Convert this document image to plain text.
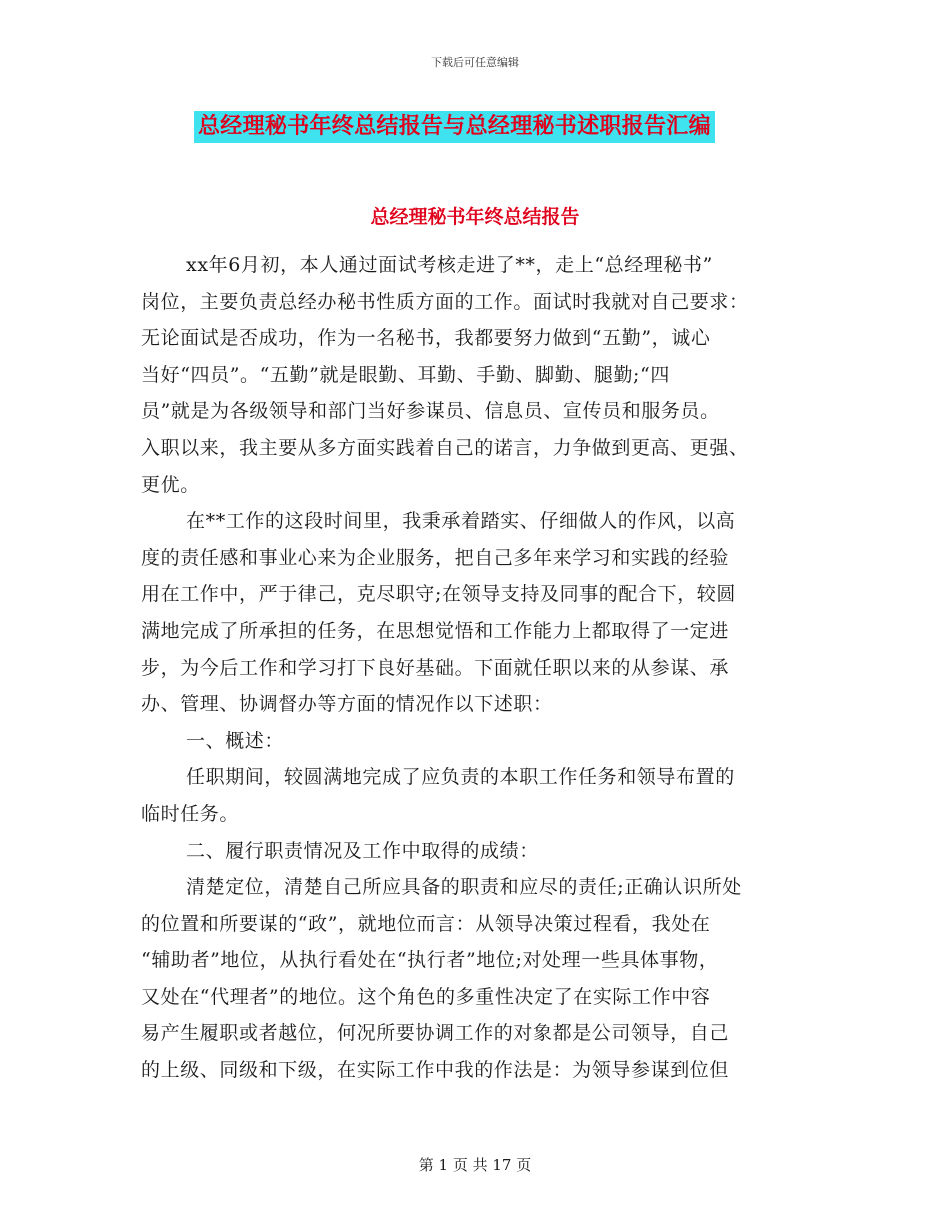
下载后可任意编辑
总经理秘书年终总结报告与总经理秘书述职报告汇编
总经理秘书年终总结报告
xx年6月初，本人通过面试考核走进了**，走上“总经理秘书”
岗位，主要负责总经办秘书性质方面的工作。面试时我就对自己要求：
无论面试是否成功，作为一名秘书，我都要努力做到“五勤”，诚心
当好“四员”。“五勤”就是眼勤、耳勤、手勤、脚勤、腿勤;“四
员”就是为各级领导和部门当好参谋员、信息员、宣传员和服务员。
入职以来，我主要从多方面实践着自己的诺言，力争做到更高、更强、
更优。
在**工作的这段时间里，我秉承着踏实、仔细做人的作风，以高
度的责任感和事业心来为企业服务，把自己多年来学习和实践的经验
用在工作中，严于律己，克尽职守;在领导支持及同事的配合下，较圆
满地完成了所承担的任务，在思想觉悟和工作能力上都取得了一定进
步，为今后工作和学习打下良好基础。下面就任职以来的从参谋、承
办、管理、协调督办等方面的情况作以下述职：
一、概述：
任职期间，较圆满地完成了应负责的本职工作任务和领导布置的
临时任务。
二、履行职责情况及工作中取得的成绩：
清楚定位，清楚自己所应具备的职责和应尽的责任;正确认识所处
的位置和所要谋的“政”，就地位而言：从领导决策过程看，我处在
“辅助者”地位，从执行看处在“执行者”地位;对处理一些具体事物，
又处在“代理者”的地位。这个角色的多重性决定了在实际工作中容
易产生履职或者越位，何况所要协调工作的对象都是公司领导，自己
的上级、同级和下级，在实际工作中我的作法是：为领导参谋到位但
第 1 页 共 17 页
